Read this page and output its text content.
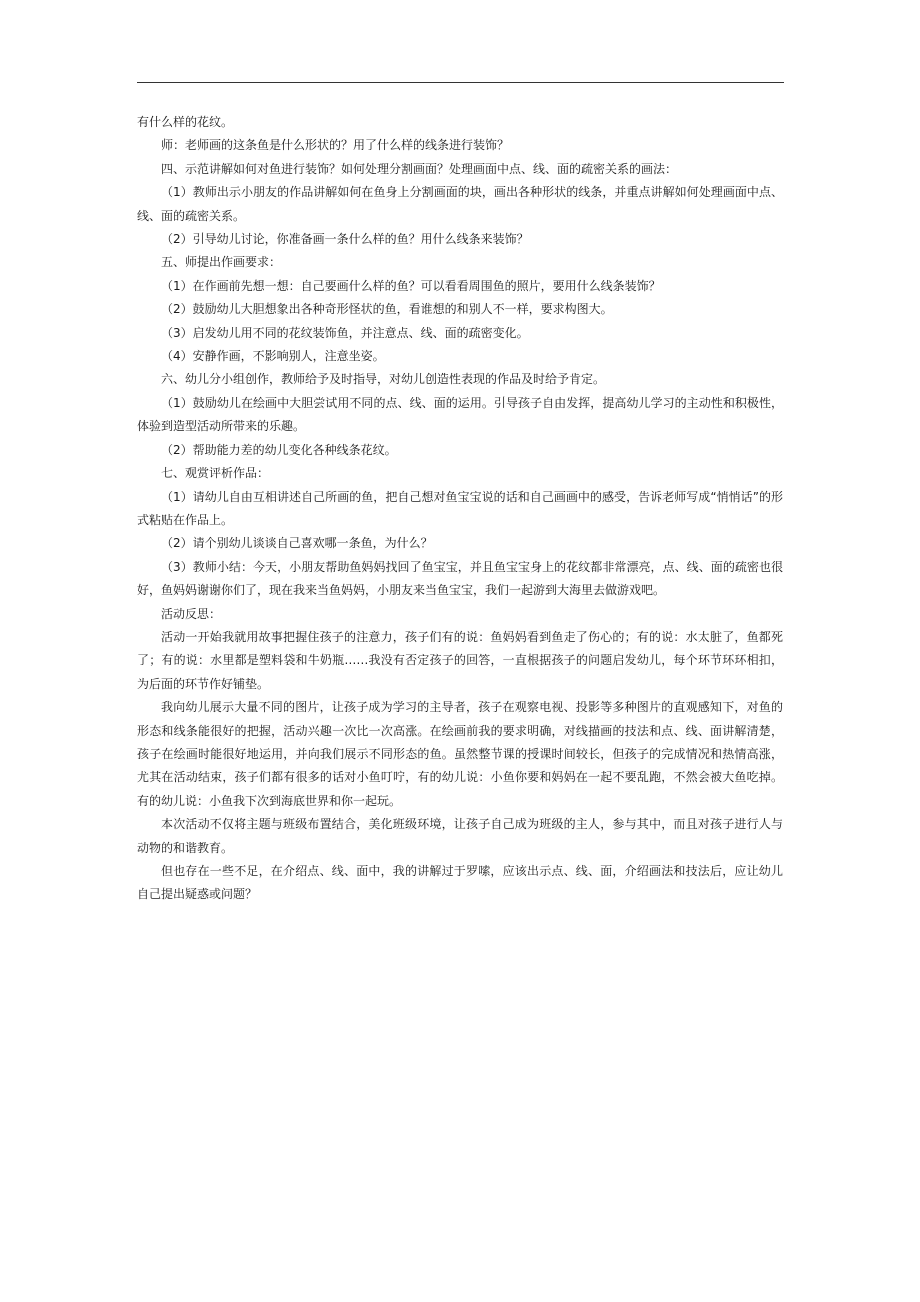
有什么样的花纹。

师：老师画的这条鱼是什么形状的？用了什么样的线条进行装饰？

四、示范讲解如何对鱼进行装饰？如何处理分割画面？处理画面中点、线、面的疏密关系的画法：

（1）教师出示小朋友的作品讲解如何在鱼身上分割画面的块，画出各种形状的线条，并重点讲解如何处理画面中点、线、面的疏密关系。

（2）引导幼儿讨论，你准备画一条什么样的鱼？用什么线条来装饰？

五、师提出作画要求：

（1）在作画前先想一想：自己要画什么样的鱼？可以看看周围鱼的照片，要用什么线条装饰？

（2）鼓励幼儿大胆想象出各种奇形怪状的鱼，看谁想的和别人不一样，要求构图大。

（3）启发幼儿用不同的花纹装饰鱼，并注意点、线、面的疏密变化。

（4）安静作画，不影响别人，注意坐姿。

六、幼儿分小组创作，教师给予及时指导，对幼儿创造性表现的作品及时给予肯定。

（1）鼓励幼儿在绘画中大胆尝试用不同的点、线、面的运用。引导孩子自由发挥，提高幼儿学习的主动性和积极性，体验到造型活动所带来的乐趣。

（2）帮助能力差的幼儿变化各种线条花纹。

七、观赏评析作品：

（1）请幼儿自由互相讲述自己所画的鱼，把自己想对鱼宝宝说的话和自己画画中的感受，告诉老师写成“悄悄话”的形式粘贴在作品上。

（2）请个别幼儿谈谈自己喜欢哪一条鱼，为什么？

（3）教师小结：今天，小朋友帮助鱼妈妈找回了鱼宝宝，并且鱼宝宝身上的花纹都非常漂亮，点、线、面的疏密也很好，鱼妈妈谢谢你们了，现在我来当鱼妈妈，小朋友来当鱼宝宝，我们一起游到大海里去做游戏吧。

活动反思：

活动一开始我就用故事把握住孩子的注意力，孩子们有的说：鱼妈妈看到鱼走了伤心的；有的说：水太脏了，鱼都死了；有的说：水里都是塑料袋和牛奶瓶……我没有否定孩子的回答，一直根据孩子的问题启发幼儿，每个环节环环相扣，为后面的环节作好铺垫。

我向幼儿展示大量不同的图片，让孩子成为学习的主导者，孩子在观察电视、投影等多种图片的直观感知下，对鱼的形态和线条能很好的把握，活动兴趣一次比一次高涨。在绘画前我的要求明确，对线描画的技法和点、线、面讲解清楚，孩子在绘画时能很好地运用，并向我们展示不同形态的鱼。虽然整节课的授课时间较长，但孩子的完成情况和热情高涨，尤其在活动结束，孩子们都有很多的话对小鱼叮咛，有的幼儿说：小鱼你要和妈妈在一起不要乱跑，不然会被大鱼吃掉。有的幼儿说：小鱼我下次到海底世界和你一起玩。

本次活动不仅将主题与班级布置结合，美化班级环境，让孩子自己成为班级的主人，参与其中，而且对孩子进行人与动物的和谐教育。

但也存在一些不足，在介绍点、线、面中，我的讲解过于罗嗦，应该出示点、线、面，介绍画法和技法后，应让幼儿自己提出疑惑或问题？
